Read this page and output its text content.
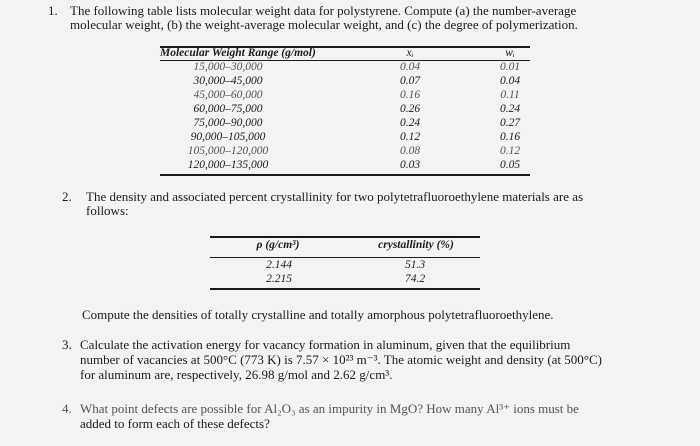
1. The following table lists molecular weight data for polystyrene. Compute (a) the number-average
molecular weight, (b) the weight-average molecular weight, and (c) the degree of polymerization.
Molecular Weight Range (g/mol)	xᵢ	wᵢ
15,000–30,000	0.04	0.01
30,000–45,000	0.07	0.04
45,000–60,000	0.16	0.11
60,000–75,000	0.26	0.24
75,000–90,000	0.24	0.27
90,000–105,000	0.12	0.16
105,000–120,000	0.08	0.12
120,000–135,000	0.03	0.05
2. The density and associated percent crystallinity for two polytetrafluoroethylene materials are as
follows:
ρ (g/cm³)	crystallinity (%)
2.144	51.3
2.215	74.2
Compute the densities of totally crystalline and totally amorphous polytetrafluoroethylene.
3. Calculate the activation energy for vacancy formation in aluminum, given that the equilibrium
number of vacancies at 500°C (773 K) is 7.57 × 10²³ m⁻³. The atomic weight and density (at 500°C)
for aluminum are, respectively, 26.98 g/mol and 2.62 g/cm³.
4. What point defects are possible for Al₂O₃ as an impurity in MgO? How many Al³⁺ ions must be
added to form each of these defects?
